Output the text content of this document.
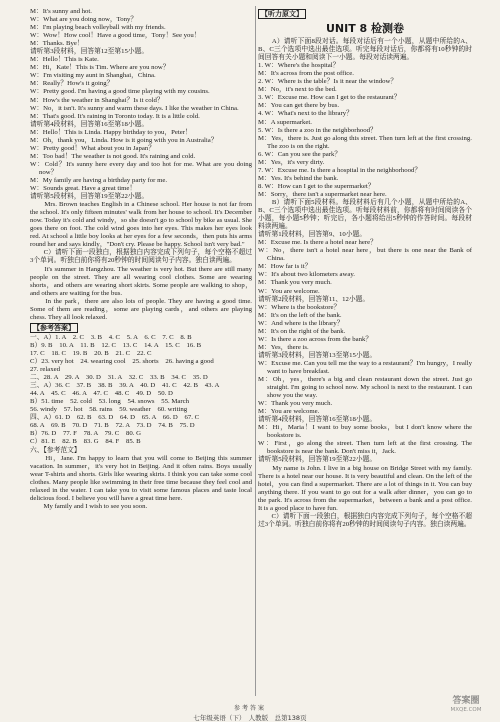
M：It's sunny and hot.
W：What are you doing now，Tony？
M：I'm playing beach volleyball with my friends.
W：Wow！How cool！Have a good time，Tony！See you！
M：Thanks. Bye！
请听第3段材料，回答第12至第15小题。
M：Hello！This is Kate.
M：Hi，Kate！This is Tim. Where are you now？
W：I'm visiting my aunt in Shanghai，China.
M：Really？How's it going？
W：Pretty good. I'm having a good time playing with my cousins.
M：How's the weather in Shanghai？Is it cold？
W：No，it isn't. It's sunny and warm these days. I like the weather in China.
M：That's good. It's raining in Toronto today. It is a little cold.
请听第4段材料，回答第16至第18小题。
M：Hello！This is Linda. Happy birthday to you，Peter！
M：Oh，thank you，Linda. How is it going with you in Australia？
W：Pretty good！What about you in Japan？
M：Too bad！The weather is not good. It's raining and cold.
W：Cold？It's sunny here every day and too hot for me. What are you doing now？
M：My family are having a birthday party for me.
W：Sounds great. Have a great time！
请听第5段材料，回答第19至第22小题。
　　Mrs. Brown teaches English in a Chinese school. Her house is not far from the school. It's only fifteen minutes' walk from her house to school. It's December now. Today it's cold and windy，so she doesn't go to school by bike as usual. She goes there on foot. The cold wind goes into her eyes. This makes her eyes look red. At school a little boy looks at her eyes for a few seconds，then puts his arms round her and says kindly，"Don't cry. Please be happy. School isn't very bad."
　　C）请听下面一段独白，根据独白内容完成下列句子，每个空格不超过3个单词。听独白前你将有20秒钟的时间阅读句子内容。独白读两遍。
　　It's summer in Hangzhou. The weather is very hot. But there are still many people on the street. They are all wearing cool clothes. Some are wearing shorts，and others are wearing short skirts. Some people are walking to shop，and others are waiting for the bus.
　　In the park，there are also lots of people. They are having a good time. Some of them are reading，some are playing cards，and others are playing chess. They all look relaxed.
【参考答案】

一、A）1. A　2. C　3. B　4. C　5. A　6. C　7. C　8. B
B）9. B　10. A　11. B　12. C　13. C　14. A　15. C　16. B
17. C　18. C　19. B　20. B　21. C　22. C
C）23. very hot　24. wearing cool　25. shorts　26. having a good
27. relaxed
二、28. A　29. A　30. D　31. A　32. C　33. B　34. C　35. D
三、A）36. C　37. B　38. B　39. A　40. D　41. C　42. B　43. A
44. A　45. C　46. A　47. C　48. C　49. D　50. D
B）51. time　52. cold　53. long　54. snows　55. March
56. windy　57. hot　58. rains　59. weather　60. writing
四、A）61. D　62. B　63. D　64. D　65. A　66. D　67. C
68. A　69. B　70. D　71. B　72. A　73. D　74. B　75. D
B）76. D　77. F　78. A　79. C　80. G
C）81. E　82. B　83. G　84. F　85. B
六、【参考范文】
　　Hi，Jane. I'm happy to learn that you will come to Beijing this summer vacation. In summer，it's very hot in Beijing. And it often rains. Boys usually wear T-shirts and shorts. Girls like wearing skirts. I think you can take some cool clothes. Many people like swimming in their free time because they feel cool and relaxed in the water. I can take you to visit some famous places and taste local delicious food. I believe you will have a great time here.
　　My family and I wish to see you soon.
【听力原文】

UNIT 8 检测卷
　　A）请听下面8段对话。每段对话后有一个小题，从题中所给的A、B、C三个选项中选出最佳选项。听完每段对话后，你都将有10秒钟的时间回答有关小题和阅读下一小题。每段对话读两遍。
1. W：Where's the hospital？
M：It's across from the post office.
2. W：Where is the table？Is it near the window？
M：No，it's next to the bed.
3. W：Excuse me. How can I get to the restaurant？
M：You can get there by bus.
4. W：What's next to the library？
M：A supermarket.
5. W：Is there a zoo in the neighborhood？
M：Yes，there is. Just go along this street. Then turn left at the first crossing. The zoo is on the right.
6. W：Can you see the park？
M：Yes，it's very dirty.
7. W：Excuse me. Is there a hospital in the neighborhood？
M：Yes. It's behind the bank.
8. W：How can I get to the supermarket？
M：Sorry，there isn't a supermarket near here.
　　B）请听下面5段材料。每段材料后有几个小题，从题中所给的A、B、C三个选项中选出最佳选项。听每段材料前，你都将有时间阅读各个小题，每小题5秒钟；听完后，各小题将给出5秒钟的作答时间。每段材料读两遍。
请听第1段材料，回答第9、10小题。
M：Excuse me. Is there a hotel near here？
W：No，there isn't a hotel near here，but there is one near the Bank of China.
M：How far is it？
W：It's about two kilometers away.
M：Thank you very much.
W：You are welcome.
请听第2段材料，回答第11、12小题。
W：Where is the bookstore？
M：It's on the left of the bank.
W：And where is the library？
M：It's on the right of the bank.
W：Is there a zoo across from the bank？
M：Yes，there is.
请听第3段材料，回答第13至第15小题。
W：Excuse me. Can you tell me the way to a restaurant？I'm hungry，I really want to have breakfast.
M：Oh，yes，there's a big and clean restaurant down the street. Just go straight. I'm going to school now. My school is next to the restaurant. I can show you the way.
W：Thank you very much.
M：You are welcome.
请听第4段材料，回答第16至第18小题。
M：Hi，Maria！I want to buy some books，but I don't know where the bookstore is.
W：First，go along the street. Then turn left at the first crossing. The bookstore is near the bank. Don't miss it，Jack.
请听第5段材料，回答第19至第22小题。
　　My name is John. I live in a big house on Bridge Street with my family. There is a hotel near our house. It is very beautiful and clean. On the left of the hotel，you can find a supermarket. There are a lot of things in it. You can buy anything there. If you want to go out for a walk after dinner，you can go to the park. It's across from the supermarket，between a bank and a post office. It is a good place to have fun.
　　C）请听下面一段独白，根据独白内容完成下列句子，每个空格不超过3个单词。听独白前你将有20秒钟的时间阅读句子内容。独白读两遍。
参考答案
七年级英语（下）　人教版　总第138页
答案圈
MXQE.COM
